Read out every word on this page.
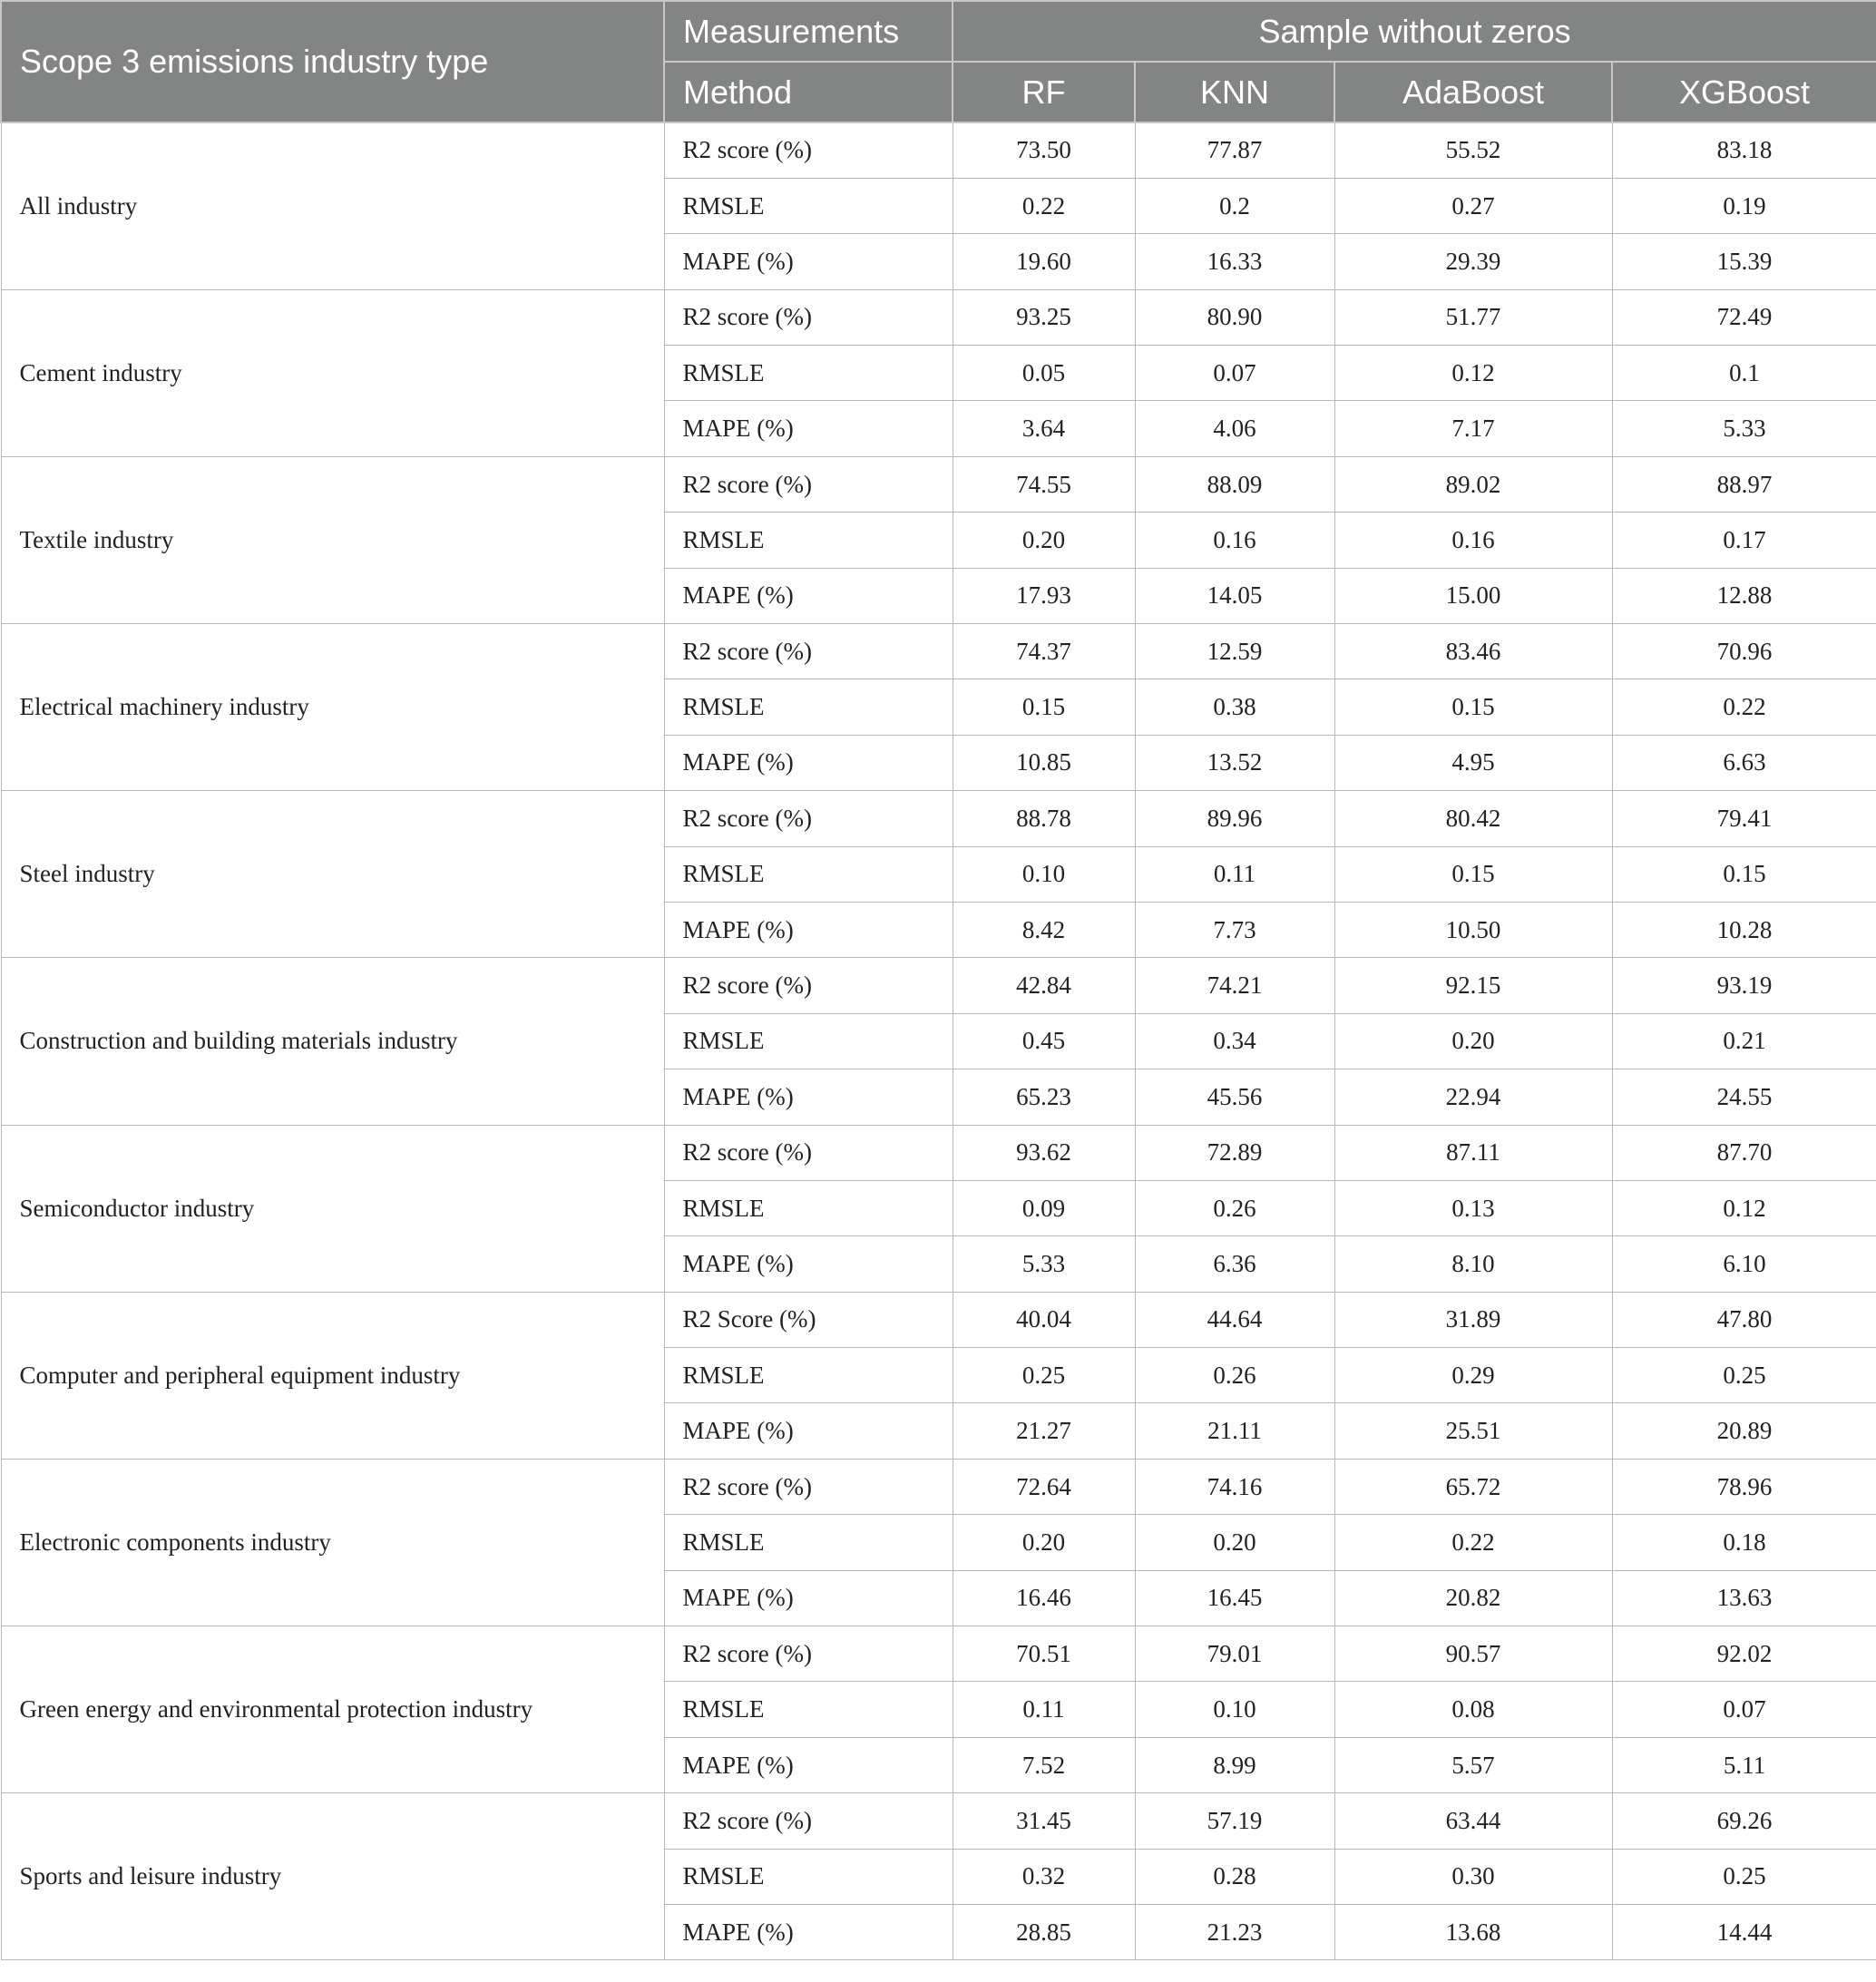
Scope 3 emissions industry type	Measurements	Sample without zeros			
	Method	RF	KNN	AdaBoost	XGBoost
All industry	R2 score (%)	73.50	77.87	55.52	83.18
	RMSLE	0.22	0.2	0.27	0.19
	MAPE (%)	19.60	16.33	29.39	15.39
Cement industry	R2 score (%)	93.25	80.90	51.77	72.49
	RMSLE	0.05	0.07	0.12	0.1
	MAPE (%)	3.64	4.06	7.17	5.33
Textile industry	R2 score (%)	74.55	88.09	89.02	88.97
	RMSLE	0.20	0.16	0.16	0.17
	MAPE (%)	17.93	14.05	15.00	12.88
Electrical machinery industry	R2 score (%)	74.37	12.59	83.46	70.96
	RMSLE	0.15	0.38	0.15	0.22
	MAPE (%)	10.85	13.52	4.95	6.63
Steel industry	R2 score (%)	88.78	89.96	80.42	79.41
	RMSLE	0.10	0.11	0.15	0.15
	MAPE (%)	8.42	7.73	10.50	10.28
Construction and building materials industry	R2 score (%)	42.84	74.21	92.15	93.19
	RMSLE	0.45	0.34	0.20	0.21
	MAPE (%)	65.23	45.56	22.94	24.55
Semiconductor industry	R2 score (%)	93.62	72.89	87.11	87.70
	RMSLE	0.09	0.26	0.13	0.12
	MAPE (%)	5.33	6.36	8.10	6.10
Computer and peripheral equipment industry	R2 Score (%)	40.04	44.64	31.89	47.80
	RMSLE	0.25	0.26	0.29	0.25
	MAPE (%)	21.27	21.11	25.51	20.89
Electronic components industry	R2 score (%)	72.64	74.16	65.72	78.96
	RMSLE	0.20	0.20	0.22	0.18
	MAPE (%)	16.46	16.45	20.82	13.63
Green energy and environmental protection industry	R2 score (%)	70.51	79.01	90.57	92.02
	RMSLE	0.11	0.10	0.08	0.07
	MAPE (%)	7.52	8.99	5.57	5.11
Sports and leisure industry	R2 score (%)	31.45	57.19	63.44	69.26
	RMSLE	0.32	0.28	0.30	0.25
	MAPE (%)	28.85	21.23	13.68	14.44
